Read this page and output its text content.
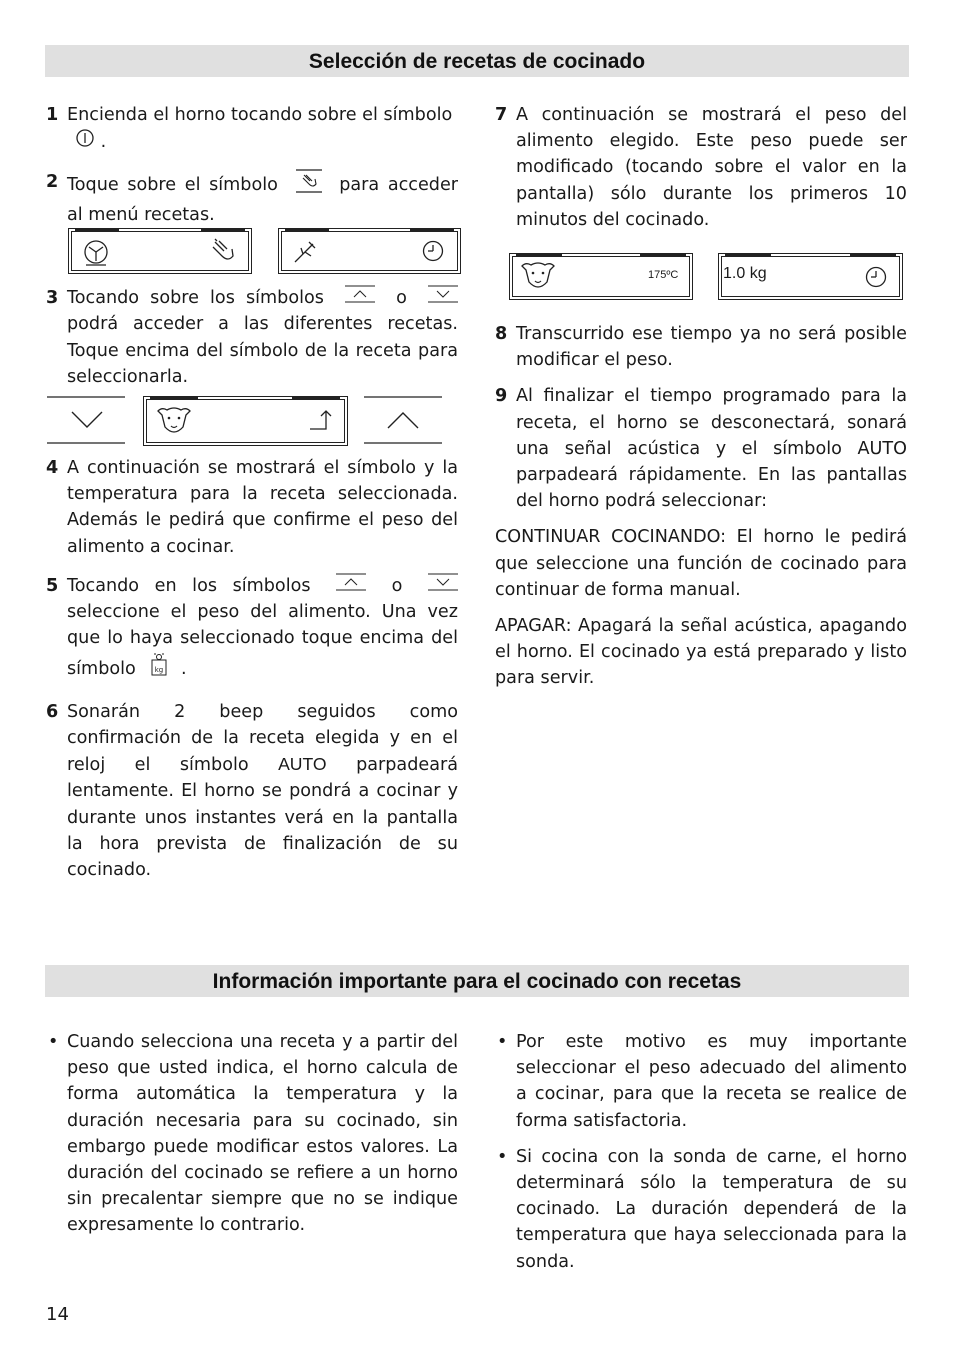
Selección de recetas de cocinado

1 Encienda el horno tocando sobre el símbolo
.

2 Toque sobre el símbolo	para acceder al menú recetas.

3 Tocando sobre los símbolos	o  podrá acceder a las diferentes recetas. Toque encima del símbolo de la receta para seleccionarla.

4 A continuación se mostrará el símbolo y la temperatura para la receta seleccionada. Además le pedirá que confirme el peso del alimento a cocinar.

5 Tocando en los símbolos	o  seleccione el peso del alimento. Una vez que lo haya seleccionado toque encima del símbolo	kg .

6 Sonarán 2 beep seguidos como confirmación de la receta elegida y en el reloj el símbolo AUTO parpadeará lentamente. El horno se pondrá a cocinar y durante unos instantes verá en la pantalla la hora prevista de finalización de su cocinado.

7 A continuación se mostrará el peso del alimento elegido. Este peso puede ser modificado (tocando sobre el valor en la pantalla) sólo durante los primeros 10 minutos del cocinado.

175ºC	1.0 kg

8 Transcurrido ese tiempo ya no será posible modificar el peso.

9 Al finalizar el tiempo programado para la receta, el horno se desconectará, sonará una señal acústica y el símbolo AUTO parpadeará rápidamente. En las pantallas del horno podrá seleccionar:

CONTINUAR COCINANDO: El horno le pedirá que seleccione una función de cocinado para continuar de forma manual.

APAGAR: Apagará la señal acústica, apagando el horno. El cocinado ya está preparado y listo para servir.

Información importante para el cocinado con recetas

• Cuando selecciona una receta y a partir del peso que usted indica, el horno calcula de forma automática la temperatura y la duración necesaria para su cocinado, sin embargo puede modificar estos valores. La duración del cocinado se refiere a un horno sin precalentar siempre que no se indique expresamente lo contrario.

• Por este motivo es muy importante seleccionar el peso adecuado del alimento a cocinar, para que la receta se realice de forma satisfactoria.

• Si cocina con la sonda de carne, el horno determinará sólo la temperatura de su cocinado. La duración dependerá de la temperatura que haya seleccionada para la sonda.

14
